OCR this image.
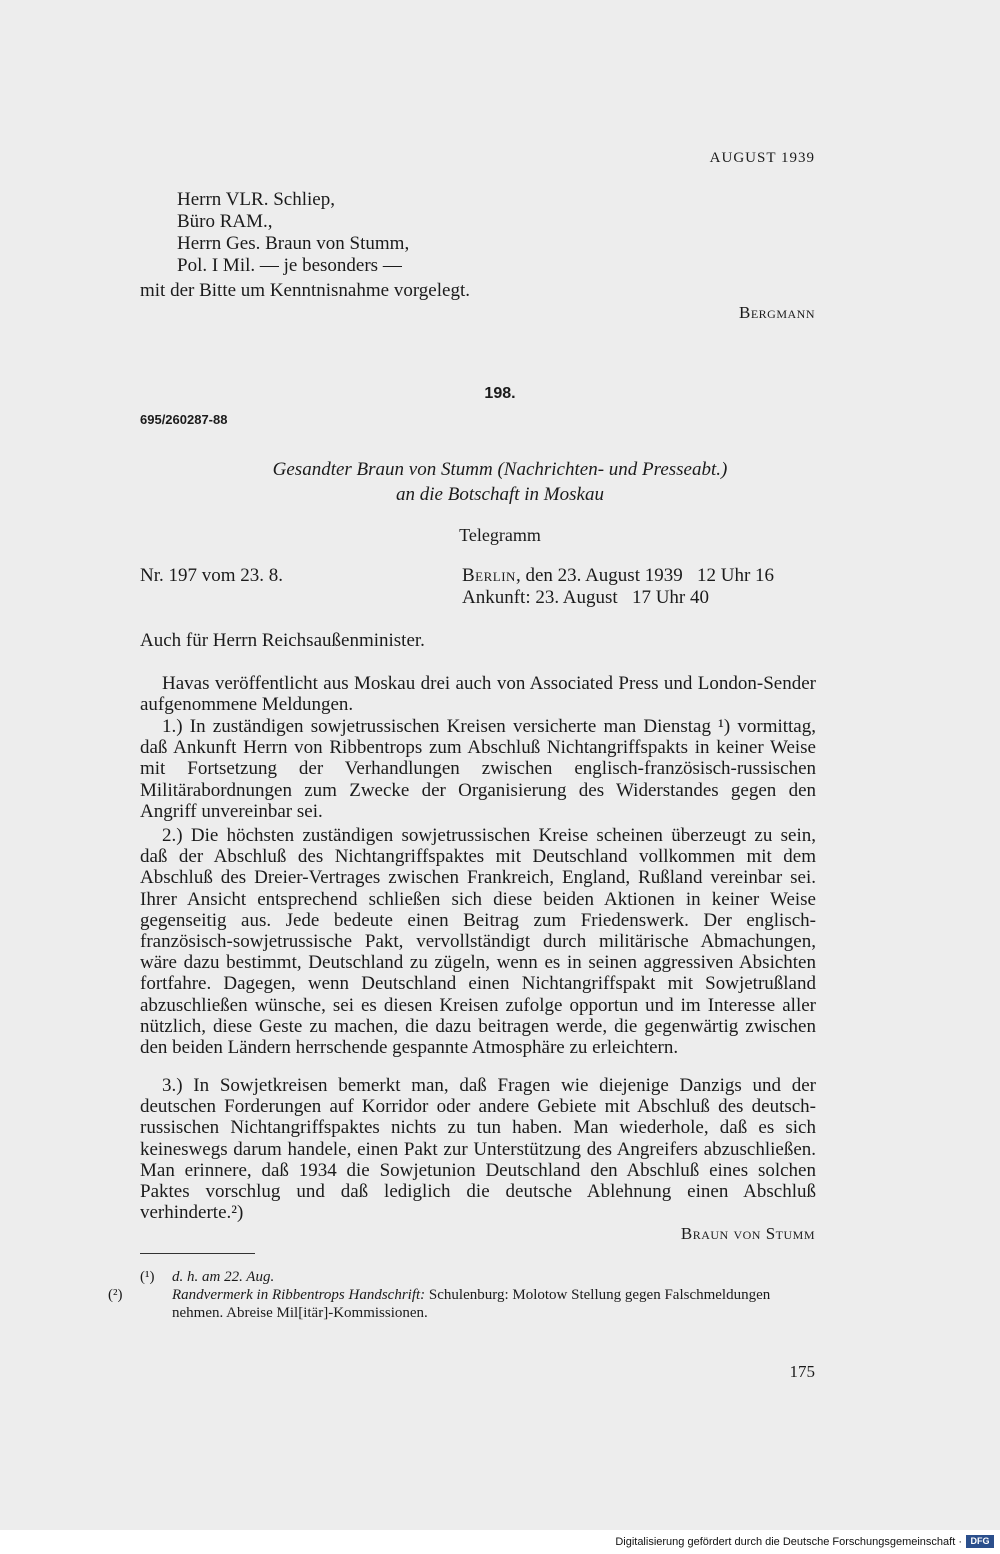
AUGUST 1939
Herrn VLR. Schliep,
Büro RAM.,
Herrn Ges. Braun von Stumm,
Pol. I Mil. — je besonders —
mit der Bitte um Kenntnisnahme vorgelegt.
Bergmann
198.
695/260287-88
Gesandter Braun von Stumm (Nachrichten- und Presseabt.)
an die Botschaft in Moskau
Telegramm
Nr. 197 vom 23. 8.	Berlin, den 23. August 1939   12 Uhr 16
Ankunft: 23. August   17 Uhr 40
Auch für Herrn Reichsaußenminister.

Havas veröffentlicht aus Moskau drei auch von Associated Press und London-Sender aufgenommene Meldungen.

1.) In zuständigen sowjetrussischen Kreisen versicherte man Dienstag ¹) vormittag, daß Ankunft Herrn von Ribbentrops zum Abschluß Nichtangriffspakts in keiner Weise mit Fortsetzung der Verhandlungen zwischen englisch-französisch-russischen Militärabordnungen zum Zwecke der Organisierung des Widerstandes gegen den Angriff unvereinbar sei.

2.) Die höchsten zuständigen sowjetrussischen Kreise scheinen überzeugt zu sein, daß der Abschluß des Nichtangriffspaktes mit Deutschland vollkommen mit dem Abschluß des Dreier-Vertrages zwischen Frankreich, England, Rußland vereinbar sei. Ihrer Ansicht entsprechend schließen sich diese beiden Aktionen in keiner Weise gegenseitig aus. Jede bedeute einen Beitrag zum Friedenswerk. Der englisch-französisch-sowjetrussische Pakt, vervollständigt durch militärische Abmachungen, wäre dazu bestimmt, Deutschland zu zügeln, wenn es in seinen aggressiven Absichten fortfahre. Dagegen, wenn Deutschland einen Nichtangriffspakt mit Sowjetrußland abzuschließen wünsche, sei es diesen Kreisen zufolge opportun und im Interesse aller nützlich, diese Geste zu machen, die dazu beitragen werde, die gegenwärtig zwischen den beiden Ländern herrschende gespannte Atmosphäre zu erleichtern.

3.) In Sowjetkreisen bemerkt man, daß Fragen wie diejenige Danzigs und der deutschen Forderungen auf Korridor oder andere Gebiete mit Abschluß des deutsch-russischen Nichtangriffspaktes nichts zu tun haben. Man wiederhole, daß es sich keineswegs darum handele, einen Pakt zur Unterstützung des Angreifers abzuschließen. Man erinnere, daß 1934 die Sowjetunion Deutschland den Abschluß eines solchen Paktes vorschlug und daß lediglich die deutsche Ablehnung einen Abschluß verhinderte.²)

Braun von Stumm

(¹) d. h. am 22. Aug.

(²)	Randvermerk in Ribbentrops Handschrift: Schulenburg: Molotow Stellung gegen Falschmeldungen nehmen. Abreise Mil[itär]-Kommissionen.

175
Digitalisierung gefördert durch die Deutsche Forschungsgemeinschaft · DFG
